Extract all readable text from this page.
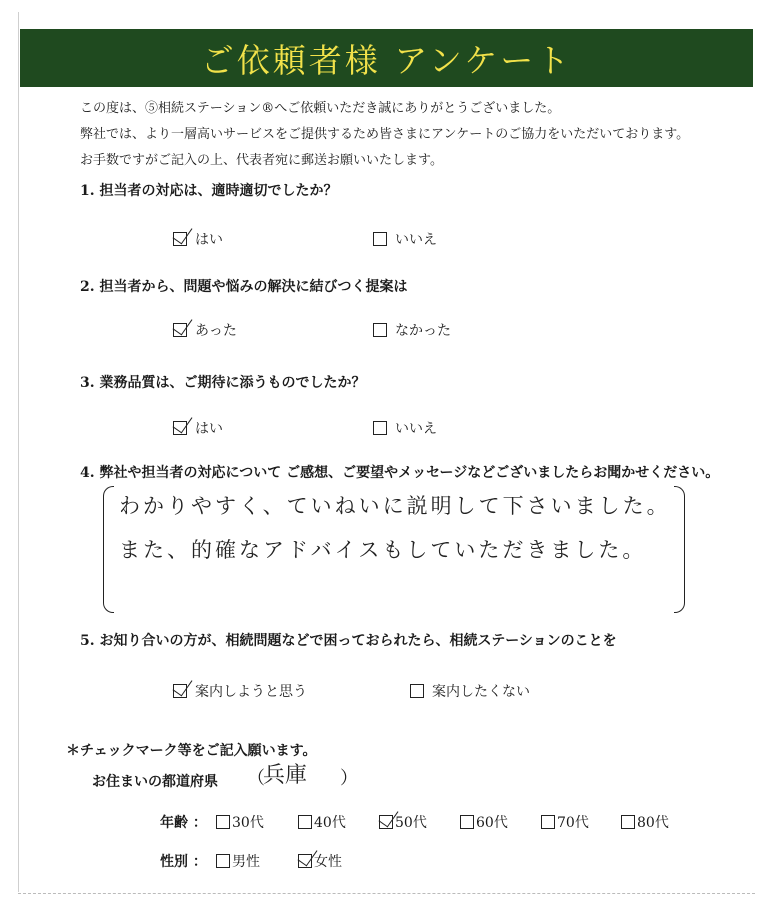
ご依頼者様 アンケート

この度は、⑤相続ステーション®へご依頼いただき誠にありがとうございました。

弊社では、より一層高いサービスをご提供するため皆さまにアンケートのご協力をいただいております。

お手数ですがご記入の上、代表者宛に郵送お願いいたします。

1. 担当者の対応は、適時適切でしたか？
はい	いいえ
2. 担当者から、問題や悩みの解決に結びつく提案は
あった	なかった
3. 業務品質は、ご期待に添うものでしたか？
はい	いいえ
4. 弊社や担当者の対応について ご感想、ご要望やメッセージなどございましたらお聞かせください。
わかりやすく、ていねいに説明して下さいました。
また、的確なアドバイスもしていただきました。
5. お知り合いの方が、相続問題などで困っておられたら、相続ステーションのことを
案内しようと思う	案内したくない
＊チェックマーク等をご記入願います。
お住まいの都道府県 （
兵庫 ）
年齢 ： 30代	40代	50代	60代	70代	80代
性別 ： 男性	女性
